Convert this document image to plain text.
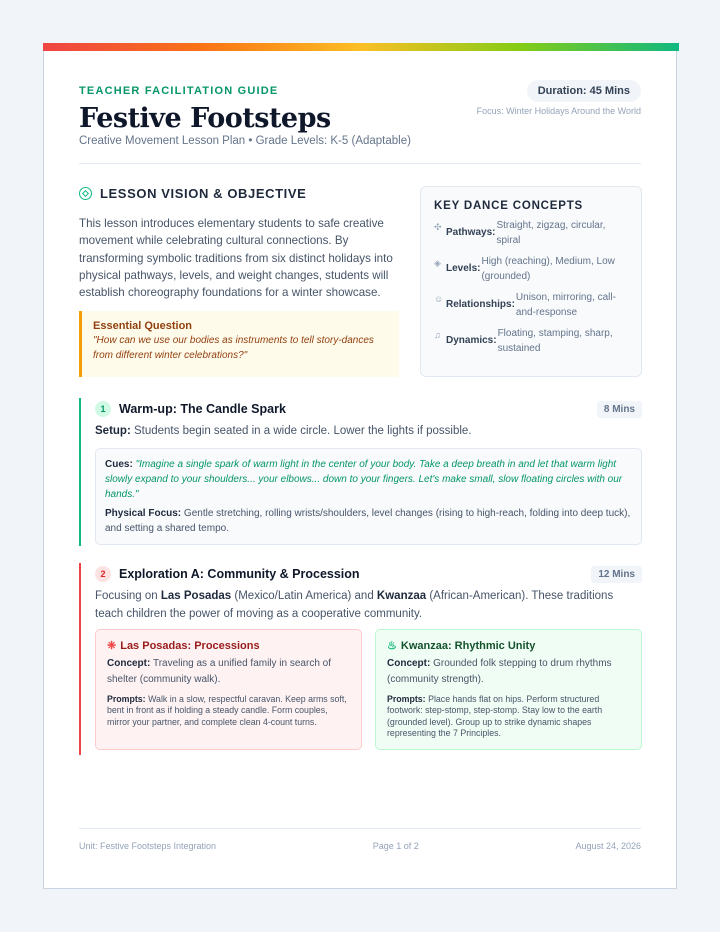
TEACHER FACILITATION GUIDE
Festive Footsteps
Creative Movement Lesson Plan • Grade Levels: K-5 (Adaptable)
Duration: 45 Mins
Focus: Winter Holidays Around the World
LESSON VISION & OBJECTIVE
This lesson introduces elementary students to safe creative movement while celebrating cultural connections. By transforming symbolic traditions from six distinct holidays into physical pathways, levels, and weight changes, students will establish choreography foundations for a winter showcase.
Essential Question
"How can we use our bodies as instruments to tell story-dances from different winter celebrations?"
KEY DANCE CONCEPTS
✣ Pathways:
Straight, zigzag, circular, spiral
◈ Levels:
High (reaching), Medium, Low (grounded)
☺ Relationships:
Unison, mirroring, call-and-response
♫ Dynamics:
Floating, stamping, sharp, sustained
1	Warm-up: The Candle Spark	8 Mins
Setup: Students begin seated in a wide circle. Lower the lights if possible.
Cues: "Imagine a single spark of warm light in the center of your body. Take a deep breath in and let that warm light slowly expand to your shoulders... your elbows... down to your fingers. Let's make small, slow floating circles with our hands."
Physical Focus: Gentle stretching, rolling wrists/shoulders, level changes (rising to high-reach, folding into deep tuck), and setting a shared tempo.
2	Exploration A: Community & Procession	12 Mins
Focusing on Las Posadas (Mexico/Latin America) and Kwanzaa (African-American). These traditions teach children the power of moving as a cooperative community.
❈ Las Posadas: Processions
Concept: Traveling as a unified family in search of shelter (community walk).
Prompts: Walk in a slow, respectful caravan. Keep arms soft, bent in front as if holding a steady candle. Form couples, mirror your partner, and complete clean 4-count turns.
♨ Kwanzaa: Rhythmic Unity
Concept: Grounded folk stepping to drum rhythms (community strength).
Prompts: Place hands flat on hips. Perform structured footwork: step-stomp, step-stomp. Stay low to the earth (grounded level). Group up to strike dynamic shapes representing the 7 Principles.
Unit: Festive Footsteps Integration	Page 1 of 2	August 24, 2026
